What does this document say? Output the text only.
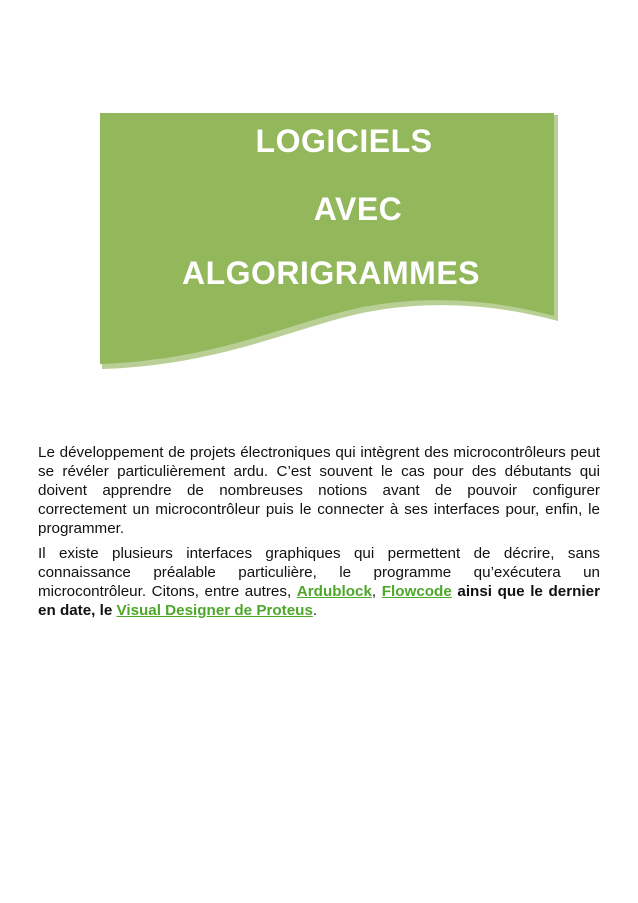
LOGICIELS
AVEC
ALGORIGRAMMES

Le développement de projets électroniques qui intègrent des microcontrôleurs peut se révéler particulièrement ardu. C’est souvent le cas pour des débutants qui doivent apprendre de nombreuses notions avant de pouvoir configurer correctement un microcontrôleur puis le connecter à ses interfaces pour, enfin, le programmer.

Il existe plusieurs interfaces graphiques qui permettent de décrire, sans connaissance préalable particulière, le programme qu’exécutera un microcontrôleur. Citons, entre autres, Ardublock, Flowcode ainsi que le dernier en date, le Visual Designer de Proteus.
